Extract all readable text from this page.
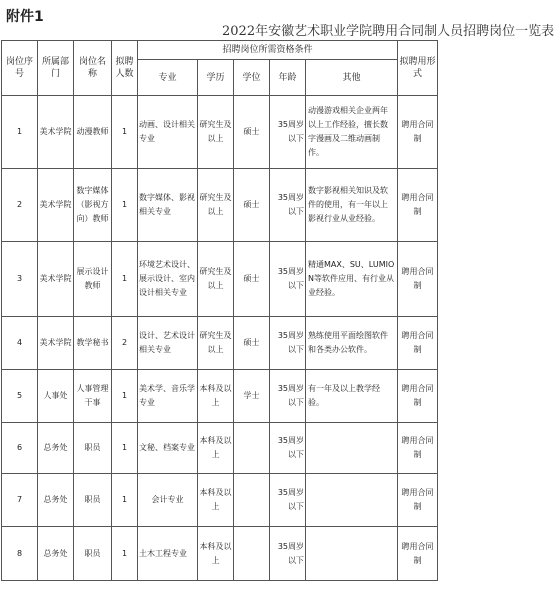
附件1
2022年安徽艺术职业学院聘用合同制人员招聘岗位一览表
岗位序号	所属部门	岗位名称	拟聘人数	招聘岗位所需资格条件					拟聘用形式
				专业	学历	学位	年龄	其他	
1	美术学院	动漫教师	1	动画、设计相关专业	研究生及以上	硕士	35周岁以下	动漫游戏相关企业两年以上工作经验，擅长数字漫画及二维动画制作。	聘用合同制
2	美术学院	数字媒体（影视方向）教师	1	数字媒体、影视相关专业	研究生及以上	硕士	35周岁以下	数字影视相关知识及软件的使用，有一年以上影视行业从业经验。	聘用合同制
3	美术学院	展示设计教师	1	环境艺术设计、展示设计、室内设计相关专业	研究生及以上	硕士	35周岁以下	精通MAX、SU、LUMION等软件应用、有行业从业经验。	聘用合同制
4	美术学院	教学秘书	2	设计、艺术设计相关专业	研究生及以上	硕士	35周岁以下	熟练使用平面绘图软件和各类办公软件。	聘用合同制
5	人事处	人事管理干事	1	美术学、音乐学专业	本科及以上	学士	35周岁以下	有一年及以上教学经验。	聘用合同制
6	总务处	职员	1	文秘、档案专业	本科及以上		35周岁以下		聘用合同制
7	总务处	职员	1	会计专业	本科及以上		35周岁以下		聘用合同制
8	总务处	职员	1	土木工程专业	本科及以上		35周岁以下		聘用合同制
